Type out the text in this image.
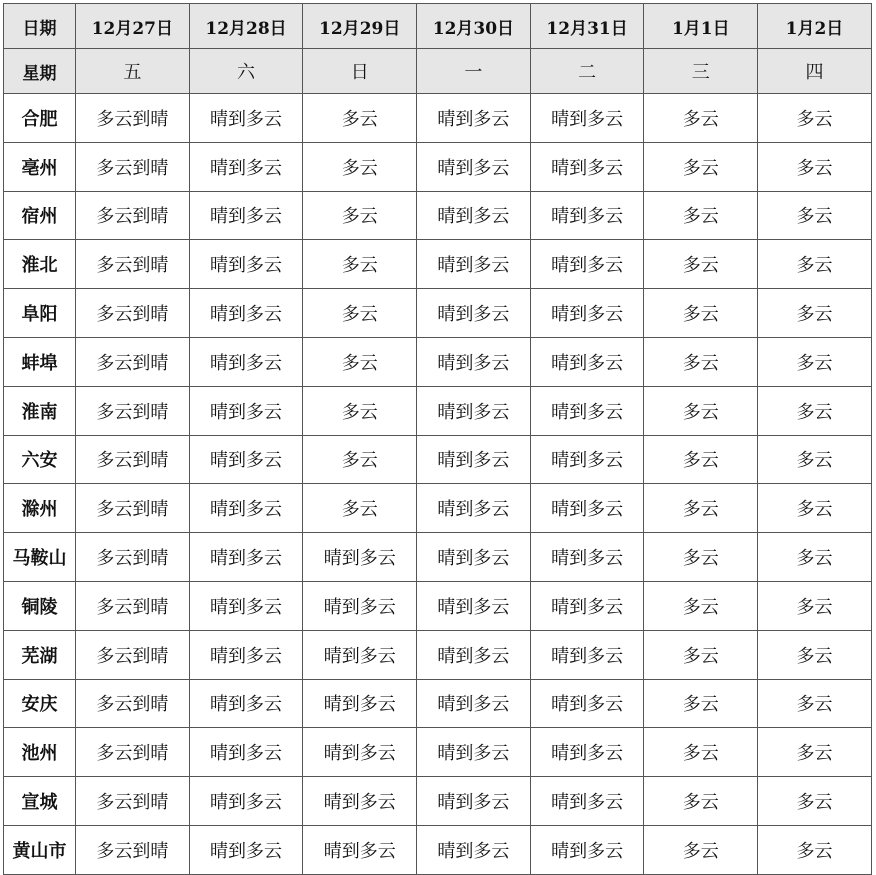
日期	12月27日	12月28日	12月29日	12月30日	12月31日	1月1日	1月2日
星期	五	六	日	一	二	三	四
合肥	多云到晴	晴到多云	多云	晴到多云	晴到多云	多云	多云
亳州	多云到晴	晴到多云	多云	晴到多云	晴到多云	多云	多云
宿州	多云到晴	晴到多云	多云	晴到多云	晴到多云	多云	多云
淮北	多云到晴	晴到多云	多云	晴到多云	晴到多云	多云	多云
阜阳	多云到晴	晴到多云	多云	晴到多云	晴到多云	多云	多云
蚌埠	多云到晴	晴到多云	多云	晴到多云	晴到多云	多云	多云
淮南	多云到晴	晴到多云	多云	晴到多云	晴到多云	多云	多云
六安	多云到晴	晴到多云	多云	晴到多云	晴到多云	多云	多云
滁州	多云到晴	晴到多云	多云	晴到多云	晴到多云	多云	多云
马鞍山	多云到晴	晴到多云	晴到多云	晴到多云	晴到多云	多云	多云
铜陵	多云到晴	晴到多云	晴到多云	晴到多云	晴到多云	多云	多云
芜湖	多云到晴	晴到多云	晴到多云	晴到多云	晴到多云	多云	多云
安庆	多云到晴	晴到多云	晴到多云	晴到多云	晴到多云	多云	多云
池州	多云到晴	晴到多云	晴到多云	晴到多云	晴到多云	多云	多云
宣城	多云到晴	晴到多云	晴到多云	晴到多云	晴到多云	多云	多云
黄山市	多云到晴	晴到多云	晴到多云	晴到多云	晴到多云	多云	多云
